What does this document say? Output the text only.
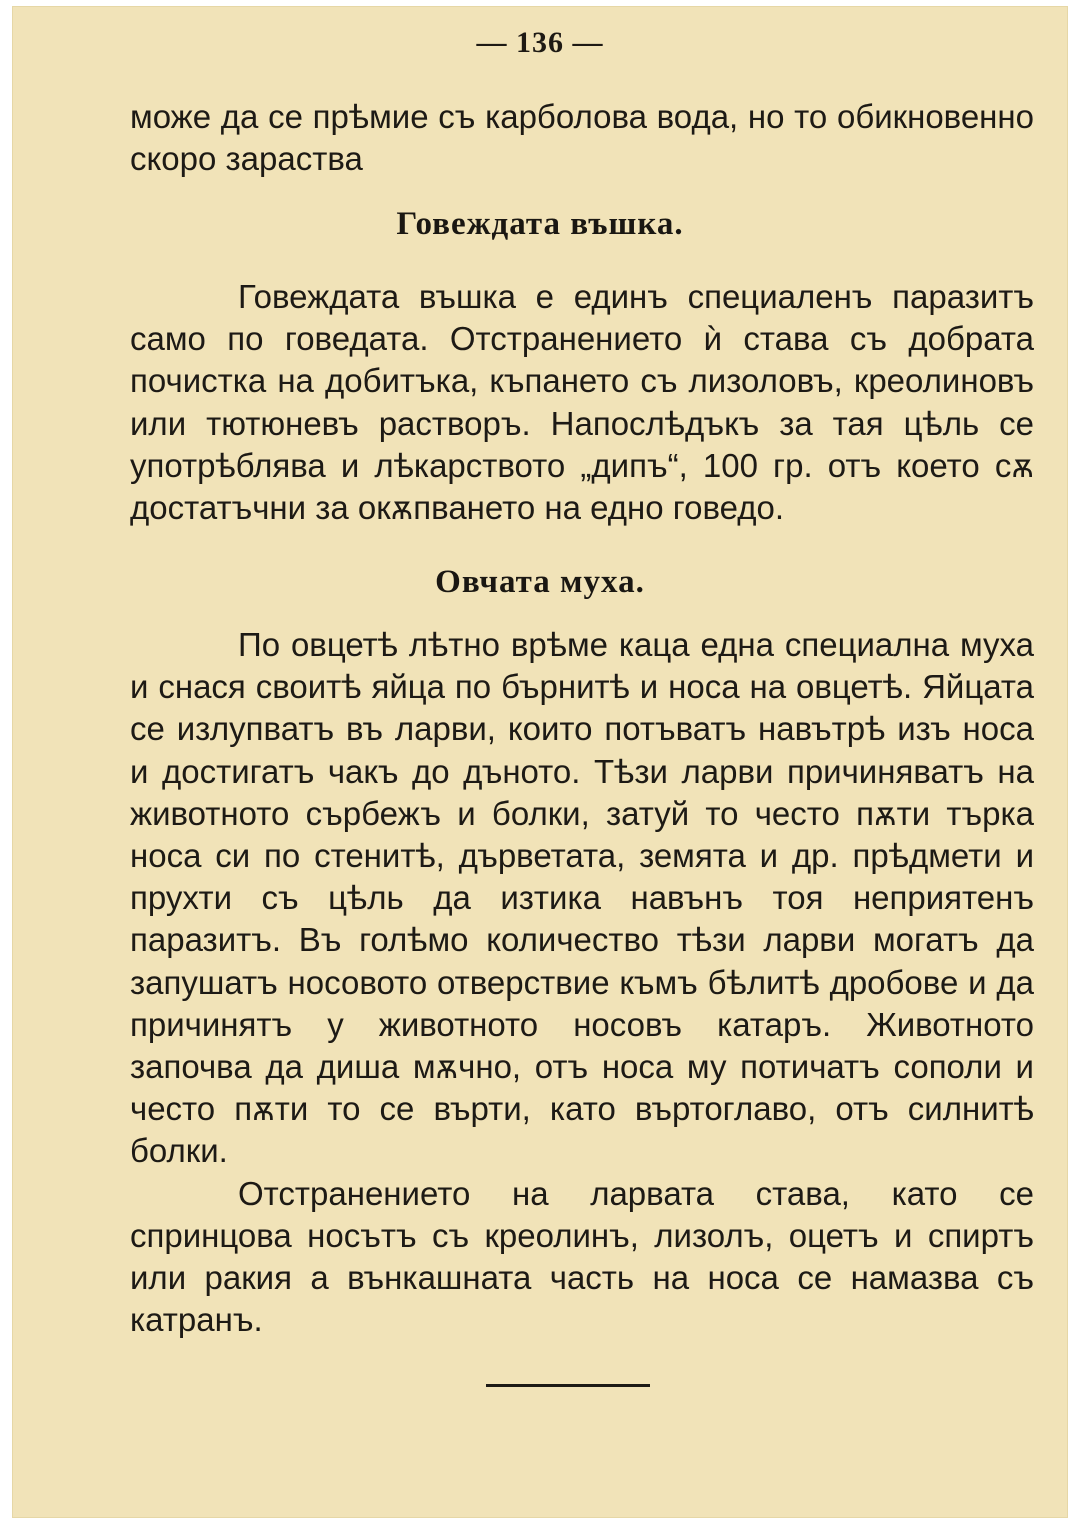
— 136 —

може да се прѣмие съ карболова вода, но то обикновенно скоро зараства

Говеждата въшка.

Говеждата въшка е единъ специаленъ паразитъ само по говедата. Отстранението ѝ става съ добрата почистка на добитъка, къпането съ лизоловъ, креолиновъ или тютюневъ растворъ. Напослѣдъкъ за тая цѣль се употрѣблява и лѣкарството „дипъ“, 100 гр. отъ което сѫ достатъчни за окѫпването на едно говедо.

Овчата муха.

По овцетѣ лѣтно врѣме каца една специална муха и снася своитѣ яйца по бърнитѣ и носа на овцетѣ. Яйцата се излупватъ въ ларви, които потъватъ навътрѣ изъ носа и достигатъ чакъ до дъното. Тѣзи ларви причиняватъ на животното сърбежъ и болки, затуй то често пѫти търка носа си по стенитѣ, дърветата, земята и др. прѣдмети и прухти съ цѣль да изтика навънъ тоя неприятенъ паразитъ. Въ голѣмо количество тѣзи ларви могатъ да запушатъ носовото отверствие къмъ бѣлитѣ дробове и да причинятъ у животното носовъ катаръ. Животното започва да диша мѫчно, отъ носа му потичатъ сополи и често пѫти то се върти, като въртоглаво, отъ силнитѣ болки.

Отстранението на ларвата става, като се спринцова носътъ съ креолинъ, лизолъ, оцетъ и спиртъ или ракия а вънкашната часть на носа се намазва съ катранъ.
